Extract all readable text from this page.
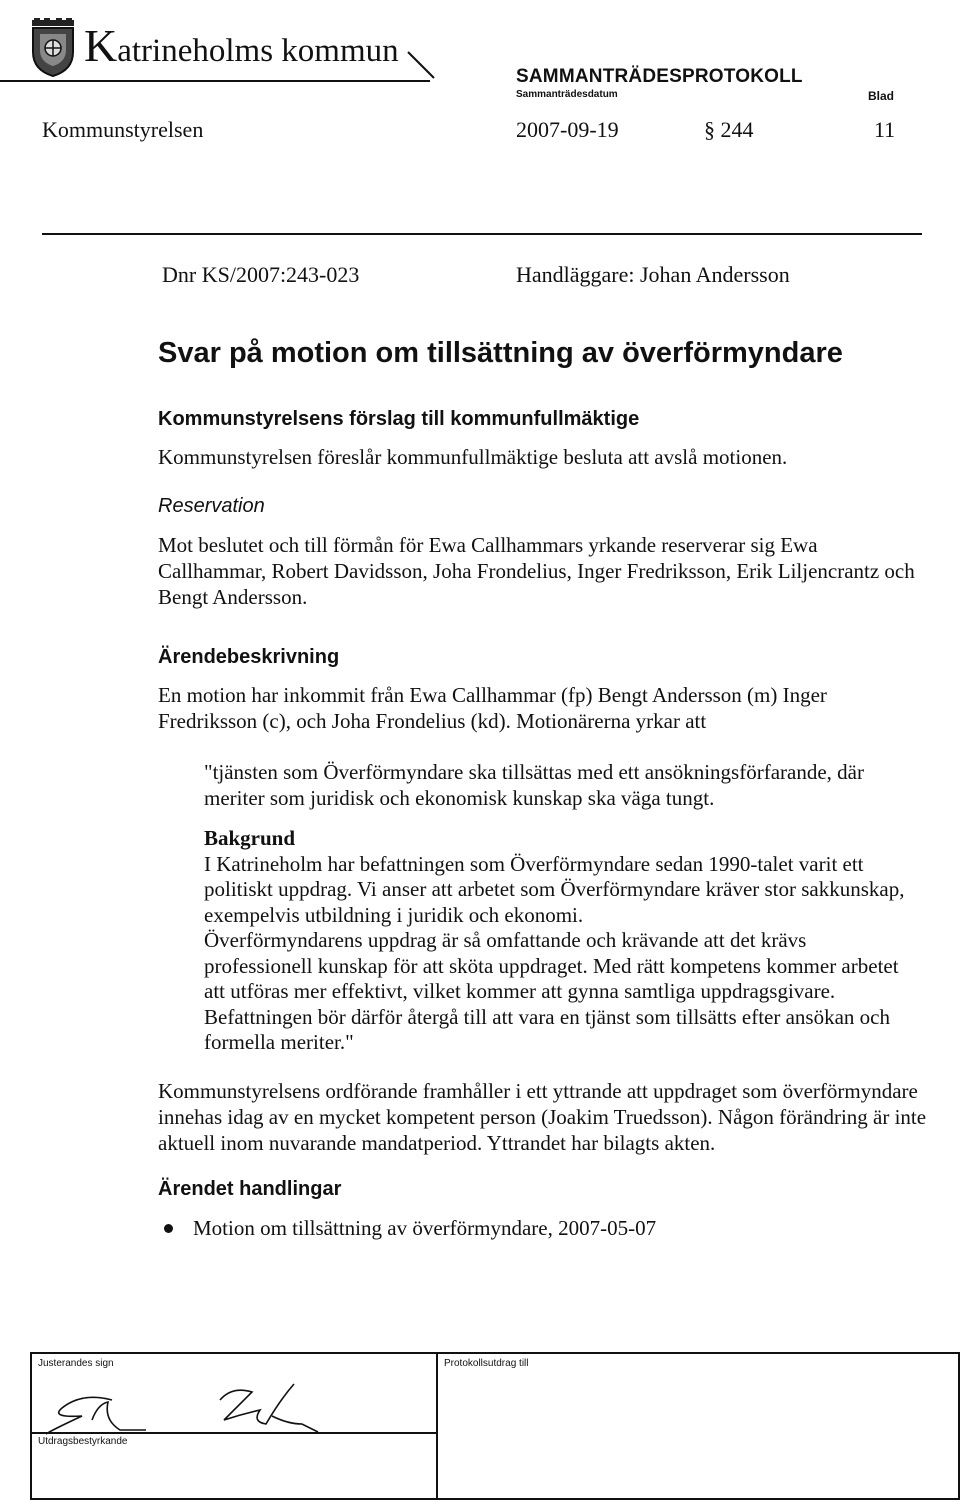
Katrineholms kommun
SAMMANTRÄDESPROTOKOLL
Sammanträdesdatum	Blad
Kommunstyrelsen	2007-09-19	§ 244	11
Dnr KS/2007:243-023	Handläggare: Johan Andersson
Svar på motion om tillsättning av överförmyndare
Kommunstyrelsens förslag till kommunfullmäktige
Kommunstyrelsen föreslår kommunfullmäktige besluta att avslå motionen.
Reservation
Mot beslutet och till förmån för Ewa Callhammars yrkande reserverar sig Ewa Callhammar, Robert Davidsson, Joha Frondelius, Inger Fredriksson, Erik Liljencrantz och Bengt Andersson.
Ärendebeskrivning
En motion har inkommit från Ewa Callhammar (fp) Bengt Andersson (m) Inger Fredriksson (c), och Joha Frondelius (kd). Motionärerna yrkar att

"tjänsten som Överförmyndare ska tillsättas med ett ansökningsförfarande, där meriter som juridisk och ekonomisk kunskap ska väga tungt.

Bakgrund

I Katrineholm har befattningen som Överförmyndare sedan 1990-talet varit ett politiskt uppdrag. Vi anser att arbetet som Överförmyndare kräver stor sakkunskap, exempelvis utbildning i juridik och ekonomi.

Överförmyndarens uppdrag är så omfattande och krävande att det krävs professionell kunskap för att sköta uppdraget. Med rätt kompetens kommer arbetet att utföras mer effektivt, vilket kommer att gynna samtliga uppdragsgivare.

Befattningen bör därför återgå till att vara en tjänst som tillsätts efter ansökan och formella meriter."

Kommunstyrelsens ordförande framhåller i ett yttrande att uppdraget som överförmyndare innehas idag av en mycket kompetent person (Joakim Truedsson). Någon förändring är inte aktuell inom nuvarande mandatperiod. Yttrandet har bilagts akten.
Ärendet handlingar
Motion om tillsättning av överförmyndare, 2007-05-07
Justerandes sign
Utdragsbestyrkande
Protokollsutdrag till
